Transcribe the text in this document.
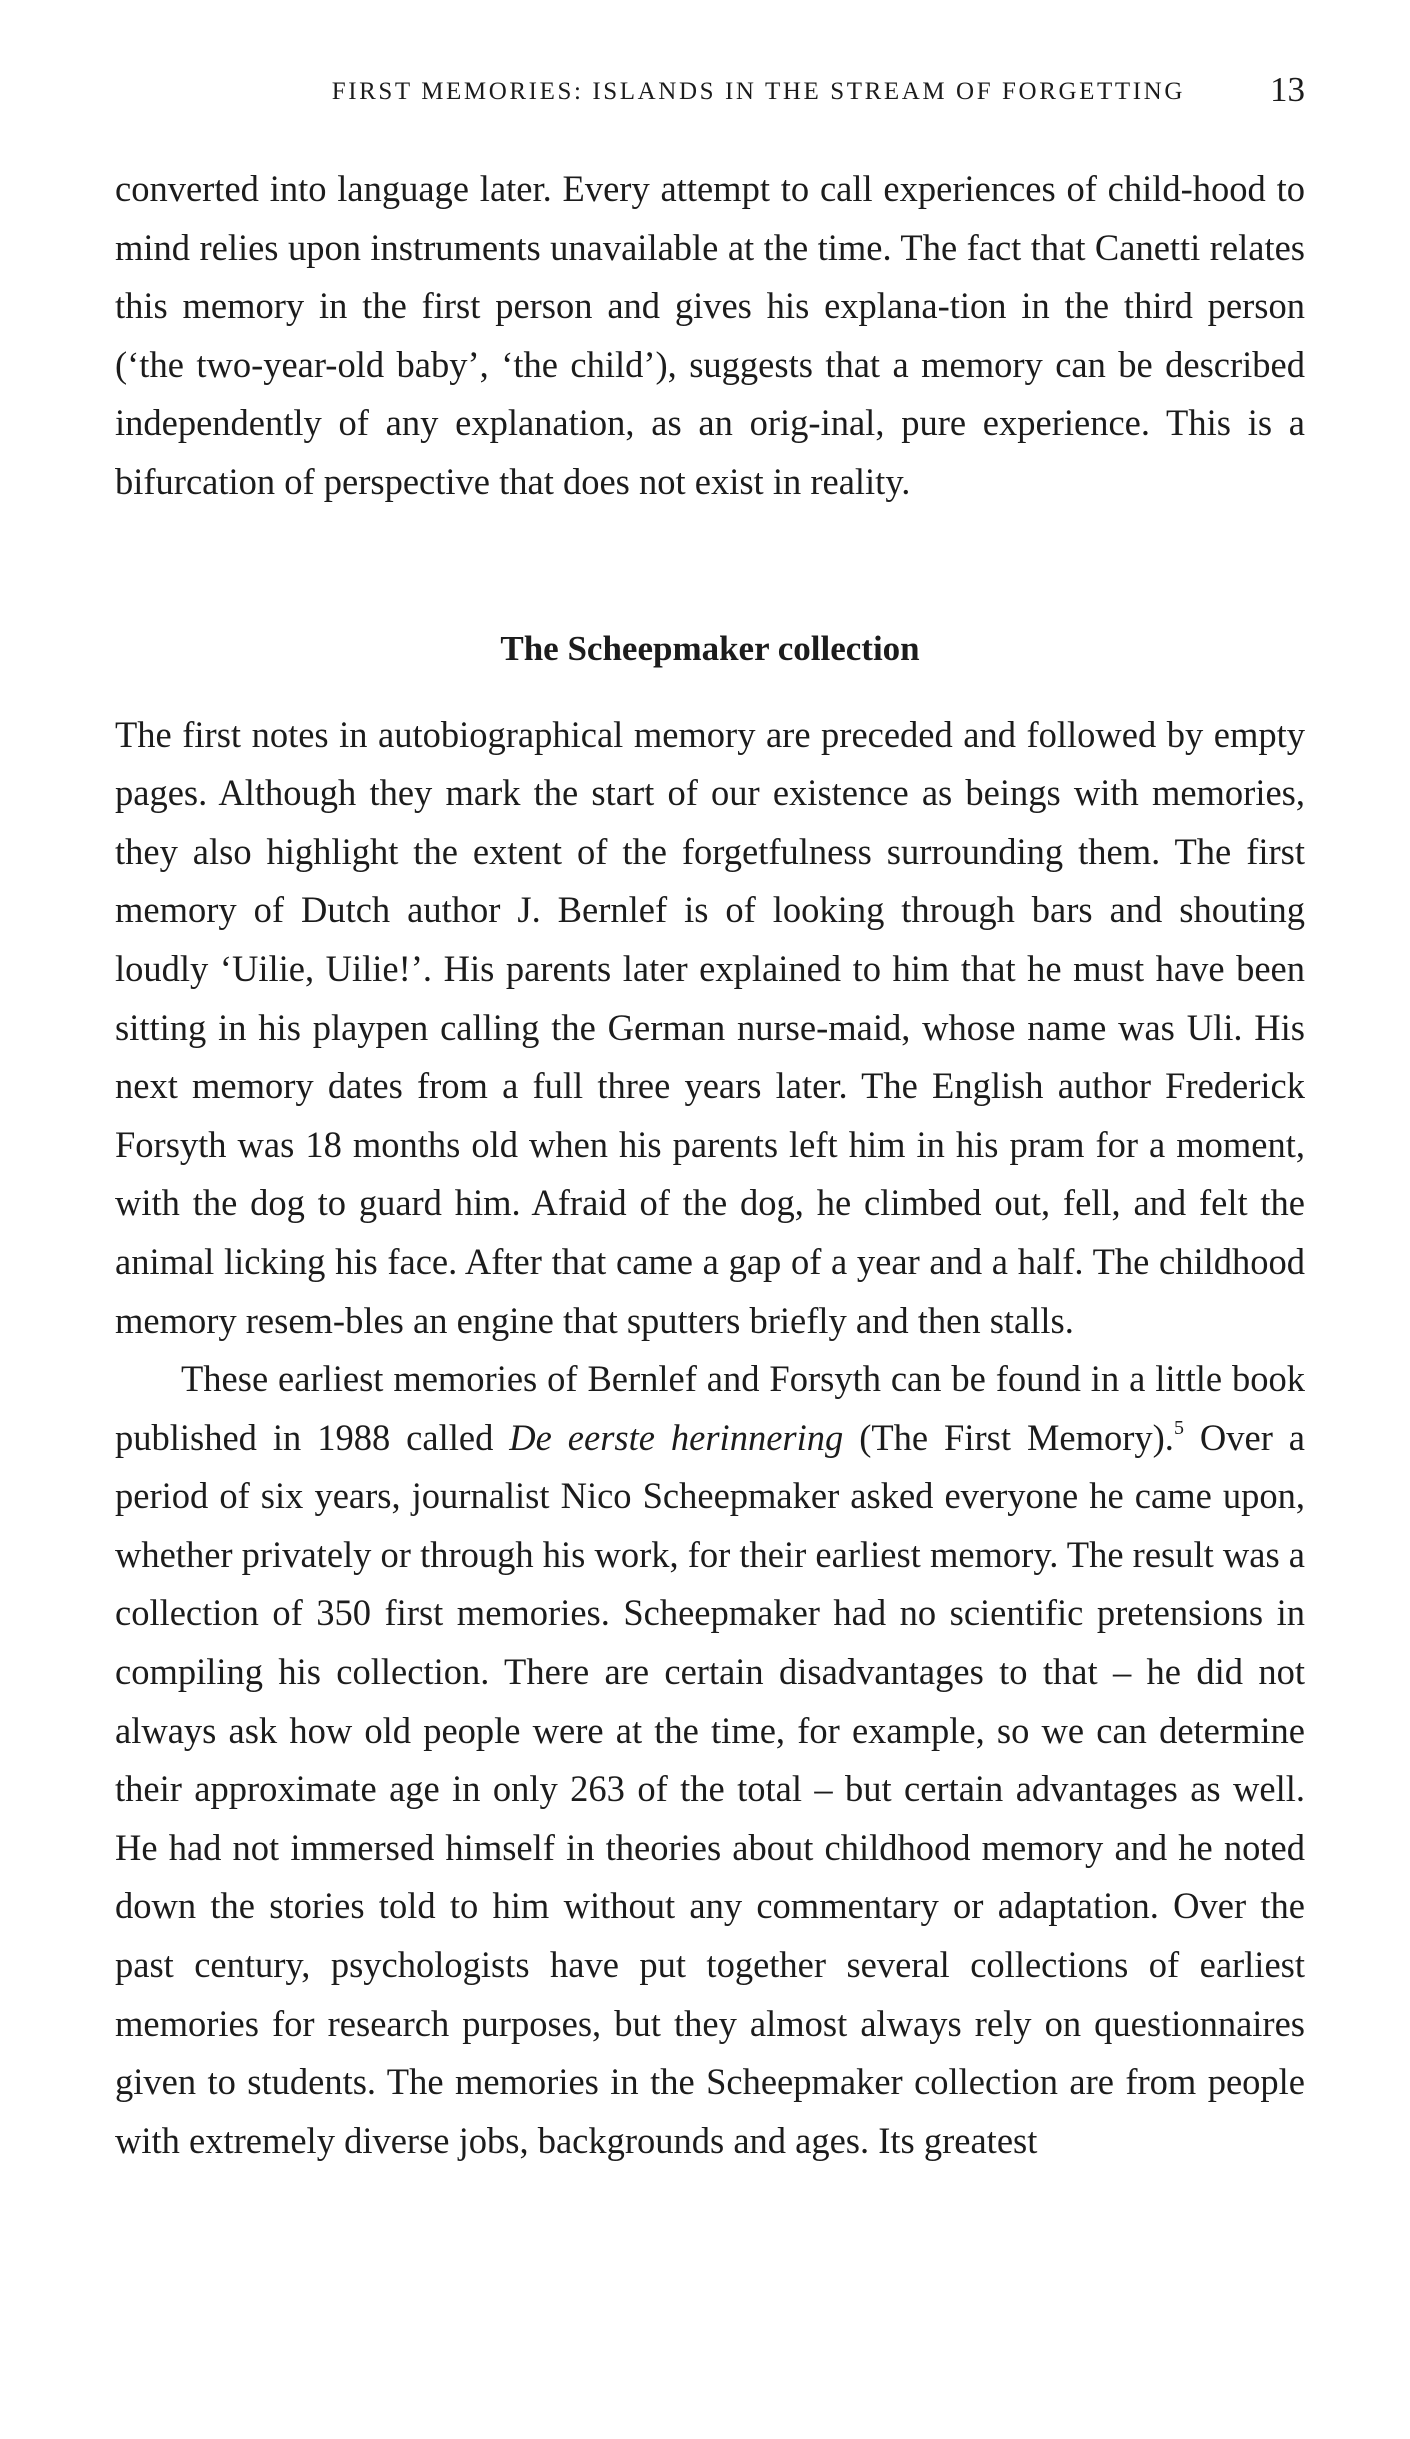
FIRST MEMORIES: ISLANDS IN THE STREAM OF FORGETTING 13

converted into language later. Every attempt to call experiences of child-hood to mind relies upon instruments unavailable at the time. The fact that Canetti relates this memory in the first person and gives his explana-tion in the third person (‘the two-year-old baby’, ‘the child’), suggests that a memory can be described independently of any explanation, as an orig-inal, pure experience. This is a bifurcation of perspective that does not exist in reality.

The Scheepmaker collection

The first notes in autobiographical memory are preceded and followed by empty pages. Although they mark the start of our existence as beings with memories, they also highlight the extent of the forgetfulness surrounding them. The first memory of Dutch author J. Bernlef is of looking through bars and shouting loudly ‘Uilie, Uilie!’. His parents later explained to him that he must have been sitting in his playpen calling the German nurse-maid, whose name was Uli. His next memory dates from a full three years later. The English author Frederick Forsyth was 18 months old when his parents left him in his pram for a moment, with the dog to guard him. Afraid of the dog, he climbed out, fell, and felt the animal licking his face. After that came a gap of a year and a half. The childhood memory resem-bles an engine that sputters briefly and then stalls.

These earliest memories of Bernlef and Forsyth can be found in a little book published in 1988 called De eerste herinnering (The First Memory).$^5$ Over a period of six years, journalist Nico Scheepmaker asked everyone he came upon, whether privately or through his work, for their earliest memory. The result was a collection of 350 first memories. Scheepmaker had no scientific pretensions in compiling his collection. There are certain disadvantages to that – he did not always ask how old people were at the time, for example, so we can determine their approximate age in only 263 of the total – but certain advantages as well. He had not immersed himself in theories about childhood memory and he noted down the stories told to him without any commentary or adaptation. Over the past century, psychologists have put together several collections of earliest memories for research purposes, but they almost always rely on questionnaires given to students. The memories in the Scheepmaker collection are from people with extremely diverse jobs, backgrounds and ages. Its greatest
